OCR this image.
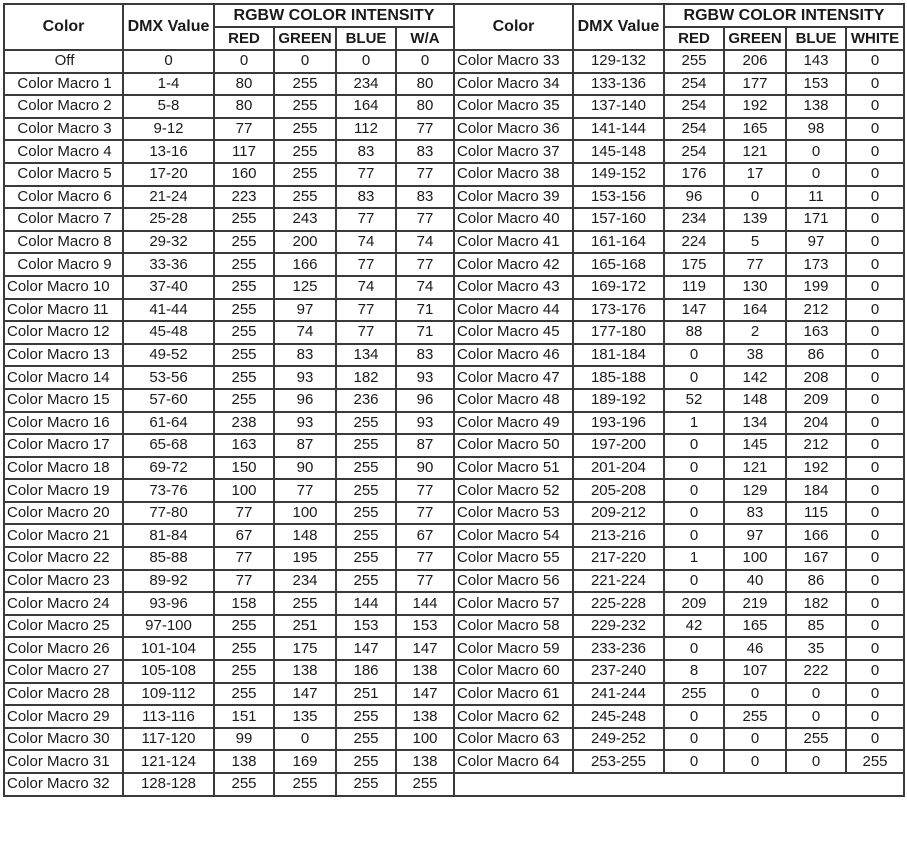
Color	DMX Value	RGBW COLOR INTENSITY				Color	DMX Value	RGBW COLOR INTENSITY			
		RED	GREEN	BLUE	W/A			RED	GREEN	BLUE	WHITE
Off	0	0	0	0	0	Color Macro 33	129-132	255	206	143	0
Color Macro 1	1-4	80	255	234	80	Color Macro 34	133-136	254	177	153	0
Color Macro 2	5-8	80	255	164	80	Color Macro 35	137-140	254	192	138	0
Color Macro 3	9-12	77	255	112	77	Color Macro 36	141-144	254	165	98	0
Color Macro 4	13-16	117	255	83	83	Color Macro 37	145-148	254	121	0	0
Color Macro 5	17-20	160	255	77	77	Color Macro 38	149-152	176	17	0	0
Color Macro 6	21-24	223	255	83	83	Color Macro 39	153-156	96	0	11	0
Color Macro 7	25-28	255	243	77	77	Color Macro 40	157-160	234	139	171	0
Color Macro 8	29-32	255	200	74	74	Color Macro 41	161-164	224	5	97	0
Color Macro 9	33-36	255	166	77	77	Color Macro 42	165-168	175	77	173	0
Color Macro 10	37-40	255	125	74	74	Color Macro 43	169-172	119	130	199	0
Color Macro 11	41-44	255	97	77	71	Color Macro 44	173-176	147	164	212	0
Color Macro 12	45-48	255	74	77	71	Color Macro 45	177-180	88	2	163	0
Color Macro 13	49-52	255	83	134	83	Color Macro 46	181-184	0	38	86	0
Color Macro 14	53-56	255	93	182	93	Color Macro 47	185-188	0	142	208	0
Color Macro 15	57-60	255	96	236	96	Color Macro 48	189-192	52	148	209	0
Color Macro 16	61-64	238	93	255	93	Color Macro 49	193-196	1	134	204	0
Color Macro 17	65-68	163	87	255	87	Color Macro 50	197-200	0	145	212	0
Color Macro 18	69-72	150	90	255	90	Color Macro 51	201-204	0	121	192	0
Color Macro 19	73-76	100	77	255	77	Color Macro 52	205-208	0	129	184	0
Color Macro 20	77-80	77	100	255	77	Color Macro 53	209-212	0	83	115	0
Color Macro 21	81-84	67	148	255	67	Color Macro 54	213-216	0	97	166	0
Color Macro 22	85-88	77	195	255	77	Color Macro 55	217-220	1	100	167	0
Color Macro 23	89-92	77	234	255	77	Color Macro 56	221-224	0	40	86	0
Color Macro 24	93-96	158	255	144	144	Color Macro 57	225-228	209	219	182	0
Color Macro 25	97-100	255	251	153	153	Color Macro 58	229-232	42	165	85	0
Color Macro 26	101-104	255	175	147	147	Color Macro 59	233-236	0	46	35	0
Color Macro 27	105-108	255	138	186	138	Color Macro 60	237-240	8	107	222	0
Color Macro 28	109-112	255	147	251	147	Color Macro 61	241-244	255	0	0	0
Color Macro 29	113-116	151	135	255	138	Color Macro 62	245-248	0	255	0	0
Color Macro 30	117-120	99	0	255	100	Color Macro 63	249-252	0	0	255	0
Color Macro 31	121-124	138	169	255	138	Color Macro 64	253-255	0	0	0	255
Color Macro 32	128-128	255	255	255	255						
